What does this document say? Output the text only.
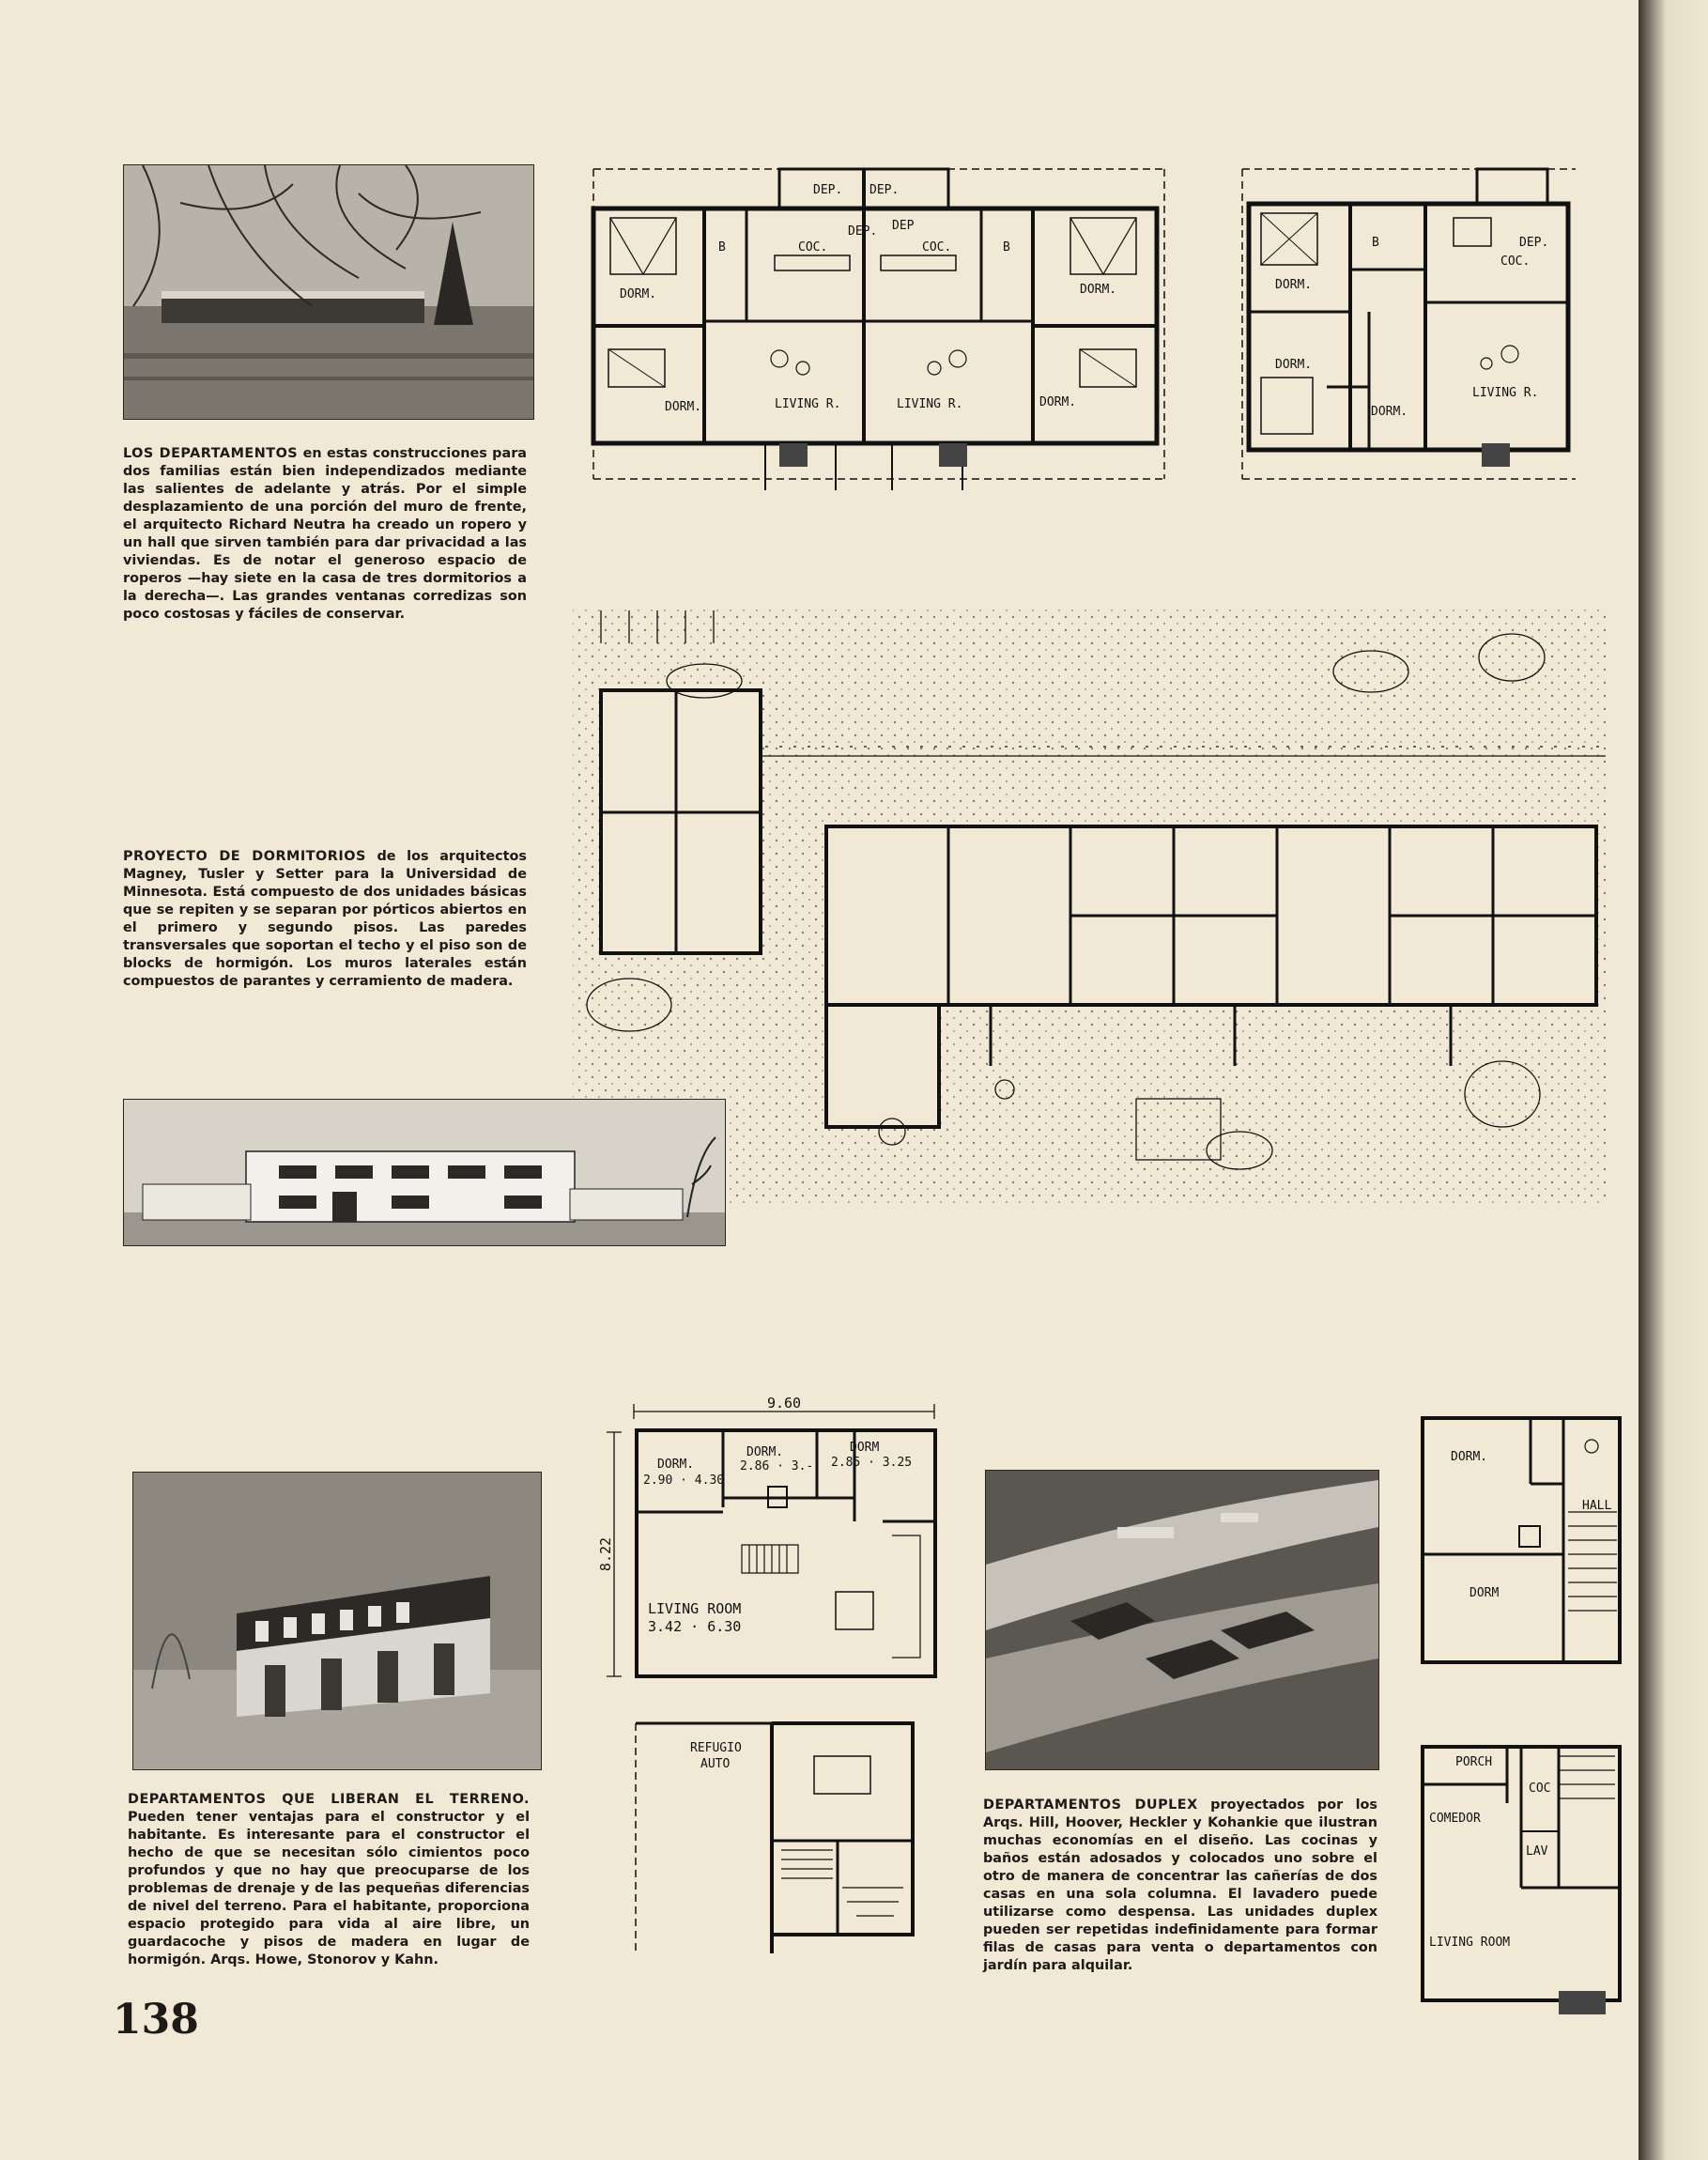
LOS DEPARTAMENTOS en estas construcciones para dos familias están bien independizados mediante las salientes de adelante y atrás. Por el simple desplazamiento de una porción del muro de frente, el arquitecto Richard Neutra ha creado un ropero y un hall que sirven también para dar privacidad a las viviendas. Es de notar el generoso espacio de roperos —hay siete en la casa de tres dormitorios a la derecha—. Las grandes ventanas corredizas son poco costosas y fáciles de conservar.

DEP. DEP.
DEP. DEP
COC.	COC.
B	B
DORM.	DORM.
DORM.	DORM.
LIVING R.	LIVING R.
DEP.
COC.
B
DORM.
DORM.
DORM.
LIVING R.

PROYECTO DE DORMITORIOS de los arquitectos Magney, Tusler y Setter para la Universidad de Minnesota. Está compuesto de dos unidades básicas que se repiten y se separan por pórticos abiertos en el primero y segundo pisos. Las paredes transversales que soportan el techo y el piso son de blocks de hormigón. Los muros laterales están compuestos de parantes y cerramiento de madera.

DEPARTAMENTOS QUE LIBERAN EL TERRENO. Pueden tener ventajas para el constructor y el habitante. Es interesante para el constructor el hecho de que se necesitan sólo cimientos poco profundos y que no hay que preocuparse de los problemas de drenaje y de las pequeñas diferencias de nivel del terreno. Para el habitante, proporciona espacio protegido para vida al aire libre, un guardacoche y pisos de madera en lugar de hormigón. Arqs. Howe, Stonorov y Kahn.

9.60
8.22
DORM.
2.90 · 4.30
DORM.
2.86 · 3.-
DORM
2.85 · 3.25
LIVING ROOM
3.42 · 6.30
REFUGIO
AUTO

DEPARTAMENTOS DUPLEX proyectados por los Arqs. Hill, Hoover, Heckler y Kohankie que ilustran muchas economías en el diseño. Las cocinas y baños están adosados y colocados uno sobre el otro de manera de concentrar las cañerías de dos casas en una sola columna. El lavadero puede utilizarse como despensa. Las unidades duplex pueden ser repetidas indefinidamente para formar filas de casas para venta o departamentos con jardín para alquilar.

DORM.
DORM
HALL
PORCH
COC
COMEDOR
LAV
LIVING ROOM
138
